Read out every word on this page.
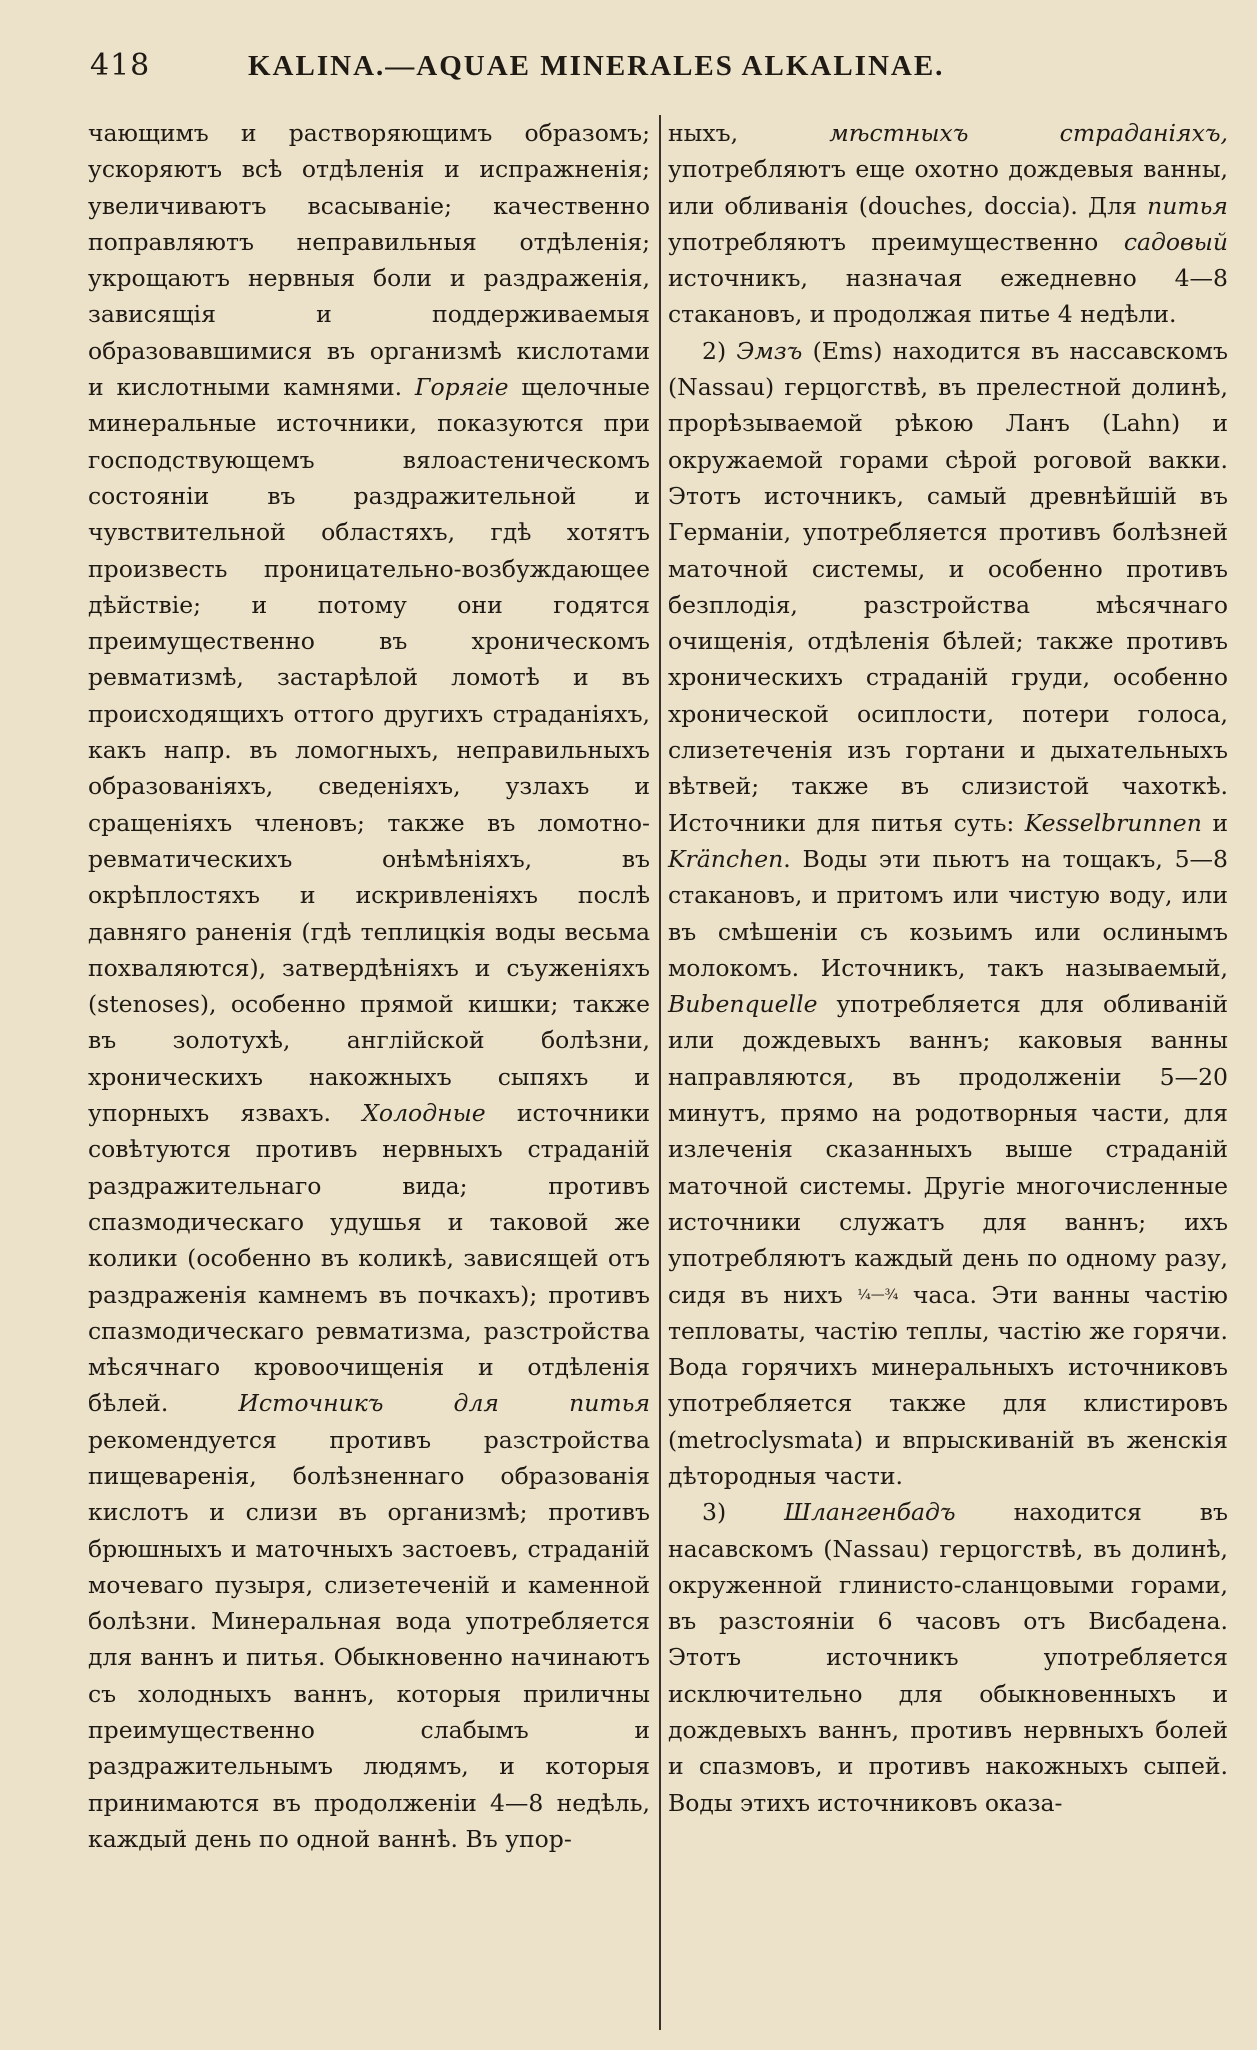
418	KALINA.—AQUAE MINERALES ALKALINAE.

чающимъ и растворяющимъ образомъ; ускоряютъ всѣ отдѣленія и испражненія; увеличиваютъ всасываніе; качественно поправляютъ неправильныя отдѣленія; укрощаютъ нервныя боли и раздраженія, зависящія и поддерживаемыя образовавшимися въ организмѣ кислотами и кислотными камнями. Горягіе щелочные минеральные источники, показуются при господствующемъ вялоастеническомъ состояніи въ раздражительной и чувствительной областяхъ, гдѣ хотятъ произвесть проницательно-возбуждающее дѣйствіе; и потому они годятся преимущественно въ хроническомъ ревматизмѣ, застарѣлой ломотѣ и въ происходящихъ оттого другихъ страданіяхъ, какъ напр. въ ломогныхъ, неправильныхъ образованіяхъ, сведеніяхъ, узлахъ и сращеніяхъ членовъ; также въ ломотно-ревматическихъ онѣмѣніяхъ, въ окрѣплостяхъ и искривленіяхъ послѣ давняго раненія (гдѣ теплицкія воды весьма похваляются), затвердѣніяхъ и съуженіяхъ (stenoses), особенно прямой кишки; также въ золотухѣ, англійской болѣзни, хроническихъ накожныхъ сыпяхъ и упорныхъ язвахъ. Холодные источники совѣтуются противъ нервныхъ страданій раздражительнаго вида; противъ спазмодическаго удушья и таковой же колики (особенно въ коликѣ, зависящей отъ раздраженія камнемъ въ почкахъ); противъ спазмодическаго ревматизма, разстройства мѣсячнаго кровоочищенія и отдѣленія бѣлей. Источникъ для питья рекомендуется противъ разстройства пищеваренія, болѣзненнаго образованія кислотъ и слизи въ организмѣ; противъ брюшныхъ и маточныхъ застоевъ, страданій мочеваго пузыря, слизетеченій и каменной болѣзни. Минеральная вода употребляется для ваннъ и питья. Обыкновенно начинаютъ съ холодныхъ ваннъ, которыя приличны преимущественно слабымъ и раздражительнымъ людямъ, и которыя принимаются въ продолженіи 4—8 недѣль, каждый день по одной ваннѣ. Въ упор-

ныхъ, мѣстныхъ страданіяхъ, употребляютъ еще охотно дождевыя ванны, или обливанія (douches, doccia). Для питья употребляютъ преимущественно садовый источникъ, назначая ежедневно 4—8 стакановъ, и продолжая питье 4 недѣли.

2) Эмзъ (Ems) находится въ нассавскомъ (Nassau) герцогствѣ, въ прелестной долинѣ, прорѣзываемой рѣкою Ланъ (Lahn) и окружаемой горами сѣрой роговой вакки. Этотъ источникъ, самый древнѣйшій въ Германіи, употребляется противъ болѣзней маточной системы, и особенно противъ безплодія, разстройства мѣсячнаго очищенія, отдѣленія бѣлей; также противъ хроническихъ страданій груди, особенно хронической осиплости, потери голоса, слизетеченія изъ гортани и дыхательныхъ вѣтвей; также въ слизистой чахоткѣ. Источники для питья суть: Kesselbrunnen и Kränchen. Воды эти пьютъ на тощакъ, 5—8 стакановъ, и притомъ или чистую воду, или въ смѣшеніи съ козьимъ или ослинымъ молокомъ. Источникъ, такъ называемый, Bubenquelle употребляется для обливаній или дождевыхъ ваннъ; каковыя ванны направляются, въ продолженіи 5—20 минутъ, прямо на родотворныя части, для излеченія сказанныхъ выше страданій маточной системы. Другіе многочисленные источники служатъ для ваннъ; ихъ употребляютъ каждый день по одному разу, сидя въ нихъ ¼—¾ часа. Эти ванны частію тепловаты, частію теплы, частію же горячи. Вода горячихъ минеральныхъ источниковъ употребляется также для клистировъ (metroclysmata) и впрыскиваній въ женскія дѣтородныя части.

3) Шлангенбадъ находится въ насавскомъ (Nassau) герцогствѣ, въ долинѣ, окруженной глинисто-сланцовыми горами, въ разстояніи 6 часовъ отъ Висбадена. Этотъ источникъ употребляется исключительно для обыкновенныхъ и дождевыхъ ваннъ, противъ нервныхъ болей и спазмовъ, и противъ накожныхъ сыпей. Воды этихъ источниковъ оказа-
